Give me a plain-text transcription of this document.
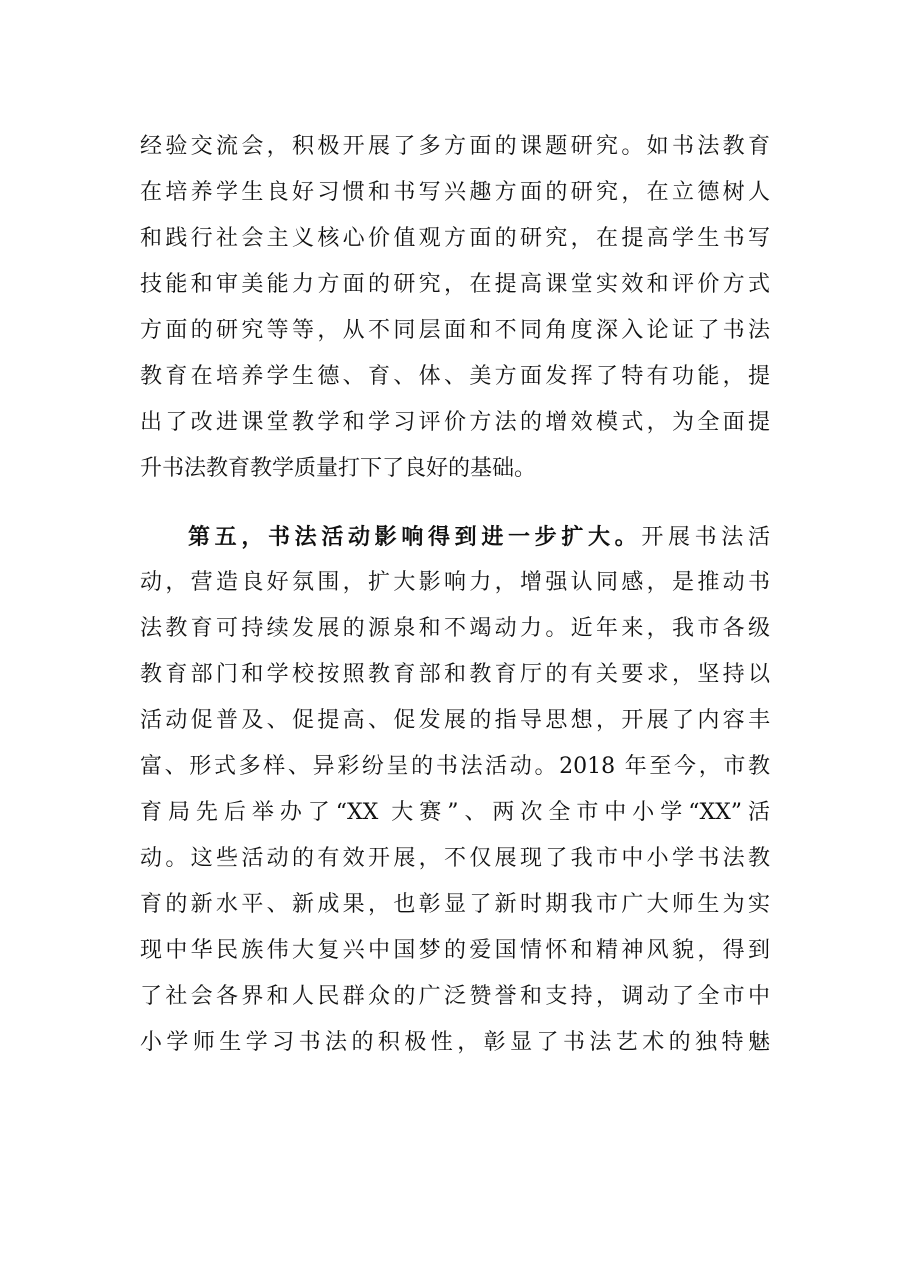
经验交流会，积极开展了多方面的课题研究。如书法教育
在培养学生良好习惯和书写兴趣方面的研究，在立德树人
和践行社会主义核心价值观方面的研究，在提高学生书写
技能和审美能力方面的研究，在提高课堂实效和评价方式
方面的研究等等，从不同层面和不同角度深入论证了书法
教育在培养学生德、育、体、美方面发挥了特有功能，提
出了改进课堂教学和学习评价方法的增效模式，为全面提
升书法教育教学质量打下了良好的基础。
第五，书法活动影响得到进一步扩大。开展书法活
动，营造良好氛围，扩大影响力，增强认同感，是推动书
法教育可持续发展的源泉和不竭动力。近年来，我市各级
教育部门和学校按照教育部和教育厅的有关要求，坚持以
活动促普及、促提高、促发展的指导思想，开展了内容丰
富、形式多样、异彩纷呈的书法活动。2018 年至今，市教
育局先后举办了“XX 大赛”、两次全市中小学“XX”活
动。这些活动的有效开展，不仅展现了我市中小学书法教
育的新水平、新成果，也彰显了新时期我市广大师生为实
现中华民族伟大复兴中国梦的爱国情怀和精神风貌，得到
了社会各界和人民群众的广泛赞誉和支持，调动了全市中
小学师生学习书法的积极性，彰显了书法艺术的独特魅
